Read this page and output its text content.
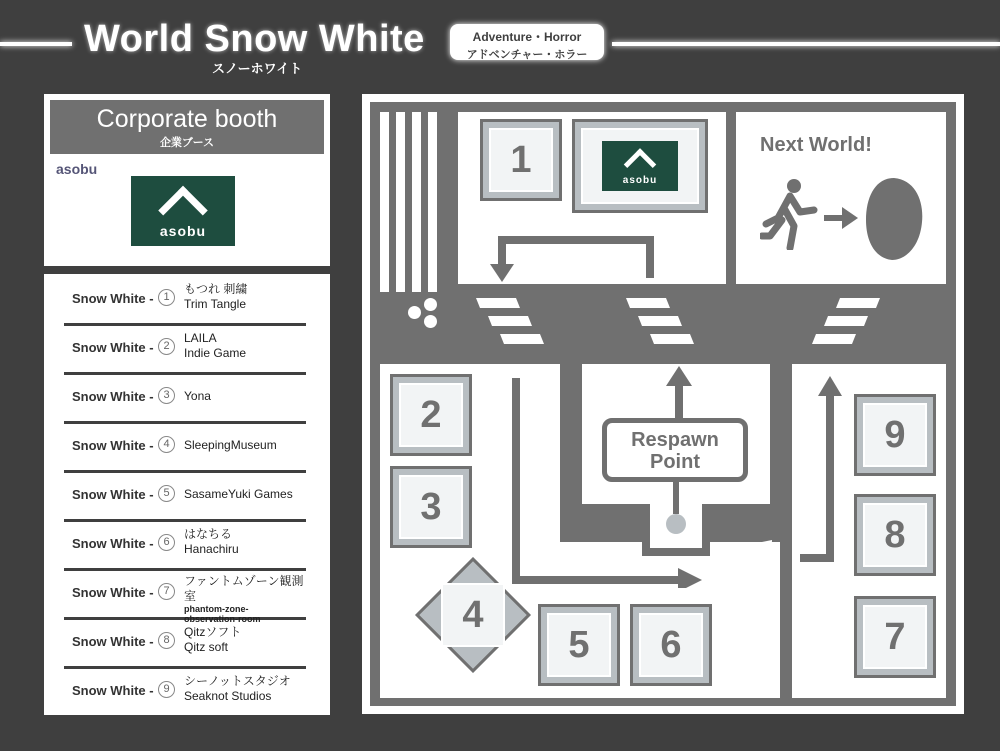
World Snow White
スノーホワイト
Adventure・Horror
アドベンチャー・ホラー
Corporate booth
企業ブース
asobu
asobu
Snow White - 1
もつれ 刺繍
Trim Tangle
Snow White - 2
LAILA
Indie Game
Snow White - 3	Yona
Snow White - 4	SleepingMuseum
Snow White - 5	SasameYuki Games
Snow White - 6
はなちる
Hanachiru
Snow White - 7
ファントムゾーン観測室
phantom-zone-observation-room
Snow White - 8
Qitzソフト
Qitz soft
Snow White - 9
シーノットスタジオ
Seaknot Studios
1	asobu
Next World!
Respawn
Point
2
3
4
5	6
9
8
7
